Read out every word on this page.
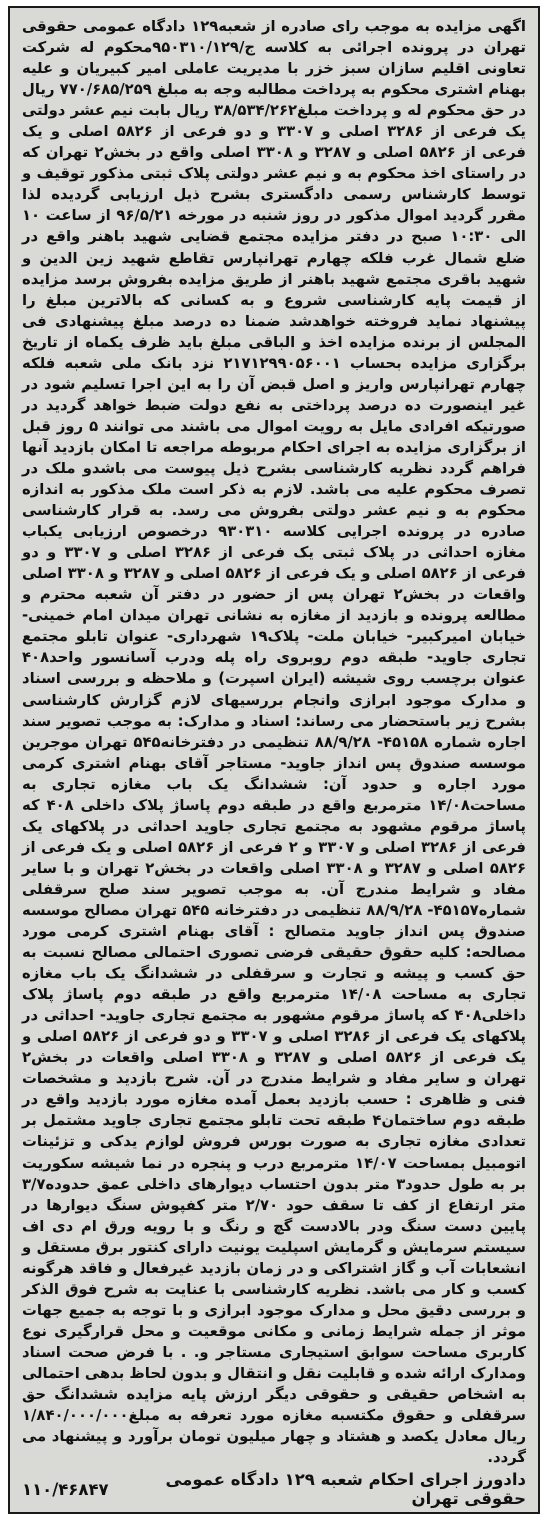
اگهی مزایده به موجب رای صادره از شعبه۱۲۹ دادگاه عمومی حقوقی تهران در پرونده اجرائی به کلاسه ج/۹۵۰۳۱۰/۱۲۹محکوم له شرکت تعاونی اقلیم سازان سبز خزر با مدیریت عاملی امیر کبیریان و علیه بهنام اشتری محکوم به پرداخت مطالبه وجه به مبلغ ۷۷۰/۶۸۵/۲۵۹ ریال در حق محکوم له و پرداخت مبلغ۳۸/۵۳۴/۲۶۲ ریال بابت نیم عشر دولتی یک فرعی از ۳۲۸۶ اصلی و ۳۳۰۷ و دو فرعی از ۵۸۲۶ اصلی و یک فرعی از ۵۸۲۶ اصلی و ۳۲۸۷ و ۳۳۰۸ اصلی واقع در بخش۲ تهران که در راستای اخذ محکوم به و نیم عشر دولتی پلاک ثبتی مذکور توقیف و توسط کارشناس رسمی دادگستری بشرح ذیل ارزیابی گردیده لذا مقرر گردید اموال مذکور در روز شنبه در مورخه ۹۶/۵/۲۱ از ساعت ۱۰ الی ۱۰:۳۰ صبح در دفتر مزایده مجتمع قضایی شهید باهنر واقع در ضلع شمال غرب فلکه چهارم تهرانپارس تقاطع شهید زین الدین و شهید باقری مجتمع شهید باهنر از طریق مزایده بفروش برسد مزایده از قیمت پایه کارشناسی شروع و به کسانی که بالاترین مبلغ را پیشنهاد نماید فروخته خواهدشد ضمنا ده درصد مبلغ پیشنهادی فی المجلس از برنده مزایده اخذ و الباقی مبلغ باید ظرف یکماه از تاریخ برگزاری مزایده بحساب ۲۱۷۱۲۹۹۰۵۶۰۰۱ نزد بانک ملی شعبه فلکه چهارم تهرانپارس واریز و اصل قبض آن را به این اجرا تسلیم شود در غیر اینصورت ده درصد پرداختی به نفع دولت ضبط خواهد گردید در صورتیکه افرادی مایل به رویت اموال می باشند می توانند ۵ روز قبل از برگزاری مزایده به اجرای احکام مربوطه مراجعه تا امکان بازدید آنها فراهم گردد نظریه کارشناسی بشرح ذیل پیوست می باشدو ملک در تصرف محکوم علیه می باشد. لازم به ذکر است ملک مذکور به اندازه محکوم به و نیم عشر دولتی بفروش می رسد. به قرار کارشناسی صادره در پرونده اجرایی کلاسه ۹۳۰۳۱۰ درخصوص ارزیابی یکباب مغازه احداثی در پلاک ثبتی یک فرعی از ۳۲۸۶ اصلی و ۳۳۰۷ و دو فرعی از ۵۸۲۶ اصلی و یک فرعی از ۵۸۲۶ اصلی و ۳۲۸۷ و ۳۳۰۸ اصلی واقعات در بخش۲ تهران پس از حضور در دفتر آن شعبه محترم و مطالعه پرونده و بازدید از مغازه به نشانی تهران میدان امام خمینی- خیابان امیرکبیر- خیابان ملت- پلاک۱۹ شهرداری- عنوان تابلو مجتمع تجاری جاوید- طبقه دوم روبروی راه پله ودرب آسانسور واحد۴۰۸ عنوان برچسب روی شیشه (ایران اسپرت) و ملاحظه و بررسی اسناد و مدارک موجود ابرازی وانجام بررسیهای لازم گزارش کارشناسی بشرح زیر باستحضار می رساند: اسناد و مدارک: به موجب تصویر سند اجاره شماره ۴۵۱۵۸- ۸۸/۹/۲۸ تنظیمی در دفترخانه۵۴۵ تهران موجرین موسسه صندوق پس انداز جاوید- مستاجر آقای بهنام اشتری کرمی مورد اجاره و حدود آن: ششدانگ یک باب مغازه تجاری به مساحت۱۴/۰۸ مترمربع واقع در طبقه دوم پاساژ پلاک داخلی ۴۰۸ که پاساژ مرقوم مشهود به مجتمع تجاری جاوید احداثی در پلاکهای یک فرعی از ۳۲۸۶ اصلی و ۳۳۰۷ و ۲ فرعی از ۵۸۲۶ اصلی و یک فرعی از ۵۸۲۶ اصلی و ۳۲۸۷ و ۳۳۰۸ اصلی واقعات در بخش۲ تهران و با سایر مفاد و شرایط مندرج آن. به موجب تصویر سند صلح سرقفلی شماره۴۵۱۵۷- ۸۸/۹/۲۸ تنظیمی در دفترخانه ۵۴۵ تهران مصالح موسسه صندوق پس انداز جاوید متصالح : آقای بهنام اشتری کرمی مورد مصالحه: کلیه حقوق حقیقی فرضی تصوری احتمالی مصالح نسبت به حق کسب و پیشه و تجارت و سرقفلی در ششدانگ یک باب مغازه تجاری به مساحت ۱۴/۰۸ مترمربع واقع در طبقه دوم پاساژ پلاک داخلی۴۰۸ که پاساژ مرقوم مشهور به مجتمع تجاری جاوید- احداثی در پلاکهای یک فرعی از ۳۲۸۶ اصلی و ۳۳۰۷ و دو فرعی از ۵۸۲۶ اصلی و یک فرعی از ۵۸۲۶ اصلی و ۳۲۸۷ و ۳۳۰۸ اصلی واقعات در بخش۲ تهران و سایر مفاد و شرایط مندرج در آن. شرح بازدید و مشخصات فنی و ظاهری : حسب بازدید بعمل آمده مغازه مورد بازدید واقع در طبقه دوم ساختمان۴ طبقه تحت تابلو مجتمع تجاری جاوید مشتمل بر تعدادی مغازه تجاری به صورت بورس فروش لوازم یدکی و تزئینات اتومبیل بمساحت ۱۴/۰۷ مترمربع درب و پنجره در نما شیشه سکوریت بر به طول حدود۳ متر بدون احتساب دیوارهای داخلی عمق حدوده۳/۷ متر ارتفاع از کف تا سقف حود ۲/۷۰ متر کفپوش سنگ دیوارها در پایین دست سنگ ودر بالادست گچ و رنگ و با رویه ورق ام دی اف سیستم سرمایش و گرمایش اسپلیت یونیت دارای کنتور برق مستقل و انشعابات آب و گاز اشتراکی و در زمان بازدید غیرفعال و فاقد هرگونه کسب و کار می باشد. نظریه کارشناسی با عنایت به شرح فوق الذکر و بررسی دقیق محل و مدارک موجود ابرازی و با توجه به جمیع جهات موثر از جمله شرایط زمانی و مکانی موقعیت و محل قرارگیری نوع کاربری مساحت سوابق استیجاری مستاجر و. . با فرض صحت اسناد ومدارک ارائه شده و قابلیت نقل و انتقال و بدون لحاظ بدهی احتمالی به اشخاص حقیقی و حقوقی دیگر ارزش پایه مزایده ششدانگ حق سرقفلی و حقوق مکتسبه مغازه مورد تعرفه به مبلغ۱/۸۴۰/۰۰۰/۰۰۰ ریال معادل یکصد و هشتاد و چهار میلیون تومان برآورد و پیشنهاد می گردد.

۱۱۰/۴۶۸۴۷	دادورز اجرای احکام شعبه ۱۲۹ دادگاه عمومی حقوقی تهران
